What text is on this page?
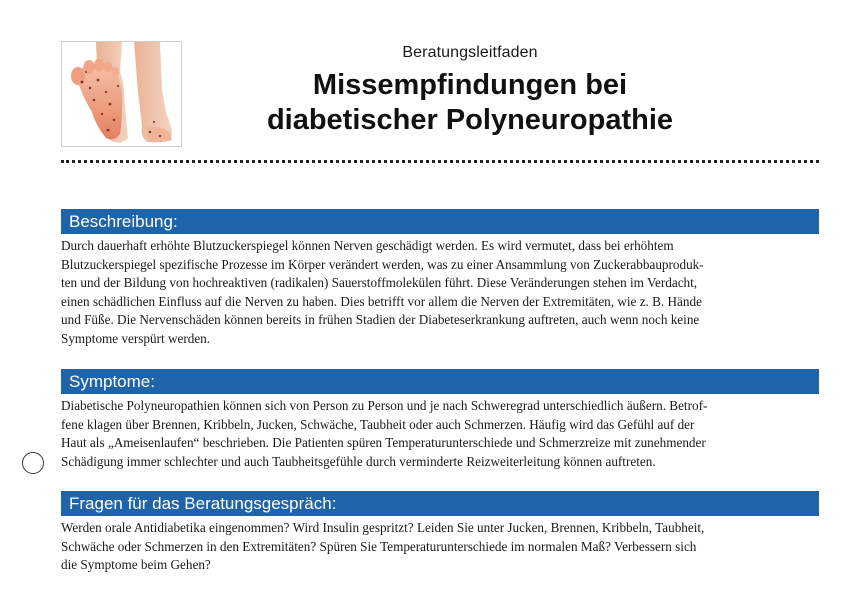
Beratungsleitfaden
Missempfindungen bei
diabetischer Polyneuropathie
Beschreibung:
Durch dauerhaft erhöhte Blutzuckerspiegel können Nerven geschädigt werden. Es wird vermutet, dass bei erhöhtem
Blutzuckerspiegel spezifische Prozesse im Körper verändert werden, was zu einer Ansammlung von Zuckerabbauproduk-
ten und der Bildung von hochreaktiven (radikalen) Sauerstoffmolekülen führt. Diese Veränderungen stehen im Verdacht,
einen schädlichen Einfluss auf die Nerven zu haben. Dies betrifft vor allem die Nerven der Extremitäten, wie z. B. Hände
und Füße. Die Nervenschäden können bereits in frühen Stadien der Diabeteserkrankung auftreten, auch wenn noch keine
Symptome verspürt werden.
Symptome:
Diabetische Polyneuropathien können sich von Person zu Person und je nach Schweregrad unterschiedlich äußern. Betrof-
fene klagen über Brennen, Kribbeln, Jucken, Schwäche, Taubheit oder auch Schmerzen. Häufig wird das Gefühl auf der
Haut als „Ameisenlaufen“ beschrieben. Die Patienten spüren Temperaturunterschiede und Schmerzreize mit zunehmender
Schädigung immer schlechter und auch Taubheitsgefühle durch verminderte Reizweiterleitung können auftreten.
Fragen für das Beratungsgespräch:
Werden orale Antidiabetika eingenommen? Wird Insulin gespritzt? Leiden Sie unter Jucken, Brennen, Kribbeln, Taubheit,
Schwäche oder Schmerzen in den Extremitäten? Spüren Sie Temperaturunterschiede im normalen Maß? Verbessern sich
die Symptome beim Gehen?
